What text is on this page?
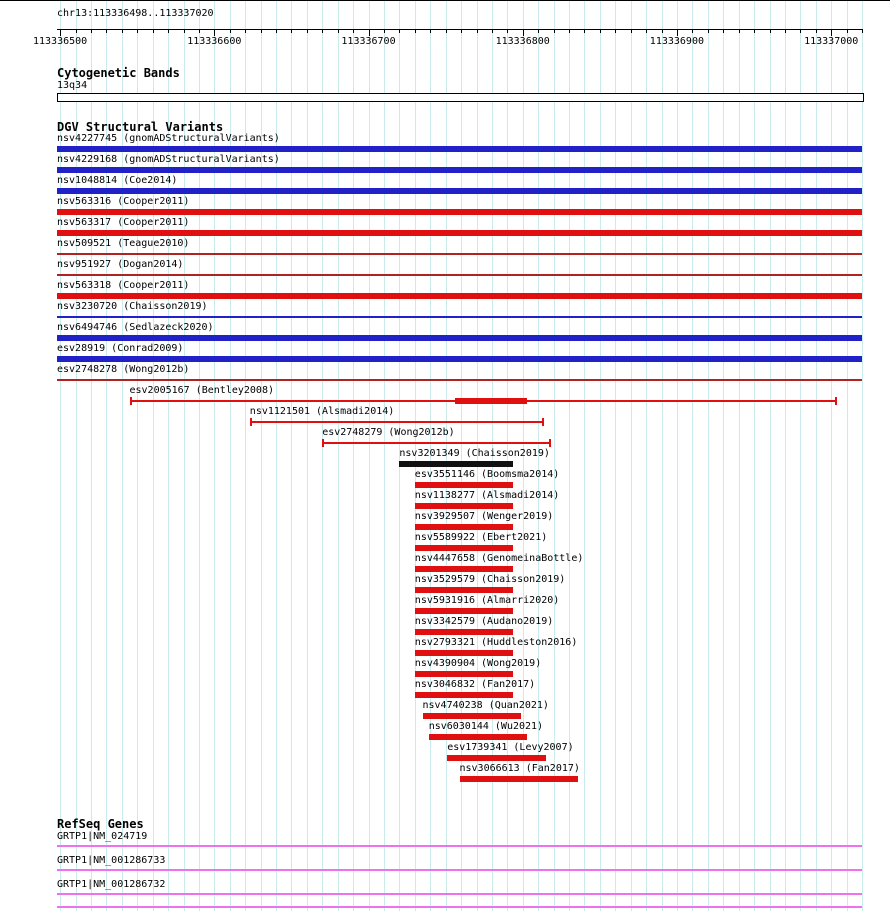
chr13:113336498..113337020
113336500	113336600	113336700	113336800	113336900	113337000
Cytogenetic Bands
13q34
DGV Structural Variants
nsv4227745 (gnomADStructuralVariants)
nsv4229168 (gnomADStructuralVariants)
nsv1048814 (Coe2014)
nsv563316 (Cooper2011)
nsv563317 (Cooper2011)
nsv509521 (Teague2010)
nsv951927 (Dogan2014)
nsv563318 (Cooper2011)
nsv3230720 (Chaisson2019)
nsv6494746 (Sedlazeck2020)
esv28919 (Conrad2009)
esv2748278 (Wong2012b)
esv2005167 (Bentley2008)
nsv1121501 (Alsmadi2014)
esv2748279 (Wong2012b)
nsv3201349 (Chaisson2019)
esv3551146 (Boomsma2014)
nsv1138277 (Alsmadi2014)
nsv3929507 (Wenger2019)
nsv5589922 (Ebert2021)
nsv4447658 (GenomeinaBottle)
nsv3529579 (Chaisson2019)
nsv5931916 (Almarri2020)
nsv3342579 (Audano2019)
nsv2793321 (Huddleston2016)
nsv4390904 (Wong2019)
nsv3046832 (Fan2017)
nsv4740238 (Quan2021)
nsv6030144 (Wu2021)
esv1739341 (Levy2007)
nsv3066613 (Fan2017)
RefSeq Genes
GRTP1|NM_024719
GRTP1|NM_001286733
GRTP1|NM_001286732
